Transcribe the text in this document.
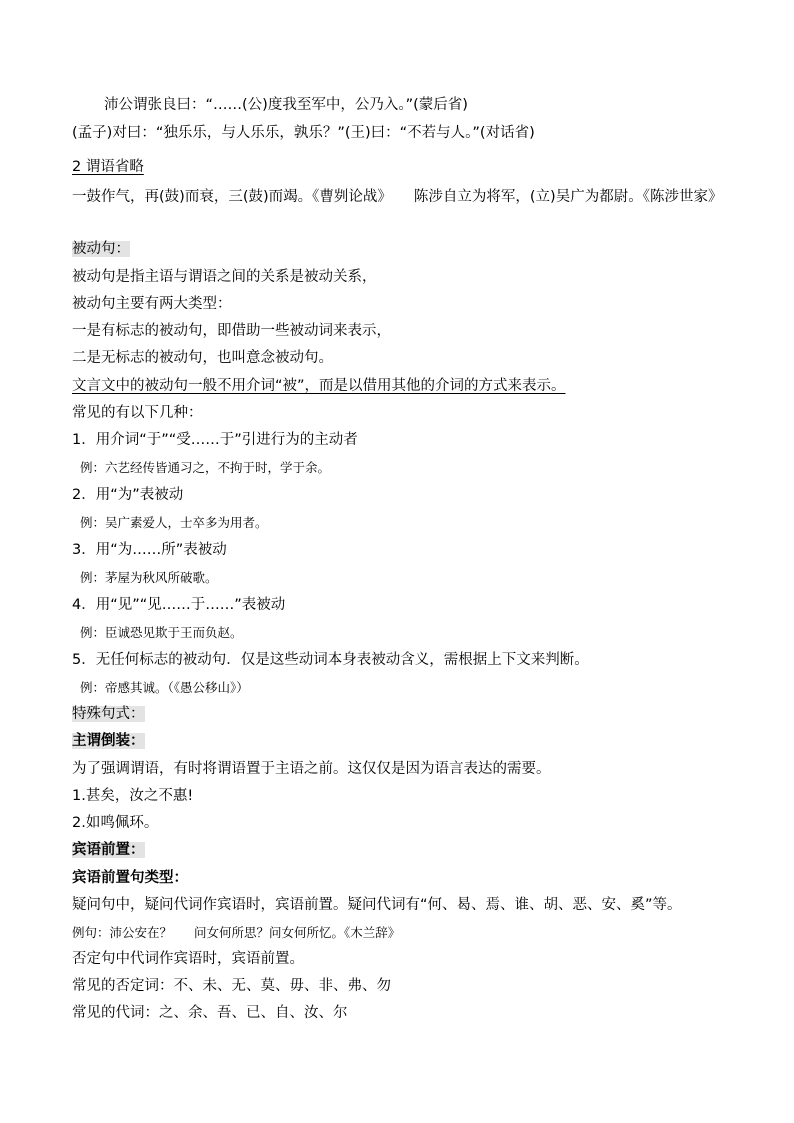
沛公谓张良曰：“……(公)度我至军中，公乃入。”(蒙后省)
(孟子)对曰：“独乐乐，与人乐乐，孰乐？”(王)曰：“不若与人。”(对话省)
2 谓语省略
一鼓作气，再(鼓)而衰，三(鼓)而竭。《曹刿论战》 陈涉自立为将军，(立)吴广为都尉。《陈涉世家》
被动句：
被动句是指主语与谓语之间的关系是被动关系，
被动句主要有两大类型：
一是有标志的被动句，即借助一些被动词来表示，
二是无标志的被动句，也叫意念被动句。
文言文中的被动句一般不用介词“被”，而是以借用其他的介词的方式来表示。
常见的有以下几种：
1．用介词“于”“受……于”引进行为的主动者
例：六艺经传皆通习之，不拘于时，学于余。
2．用“为”表被动
例：吴广素爱人，士卒多为用者。
3．用“为……所”表被动
例：茅屋为秋风所破歌。
4．用“见”“见……于……”表被动
例：臣诚恐见欺于王而负赵。
5．无任何标志的被动句．仅是这些动词本身表被动含义，需根据上下文来判断。
例：帝感其诚。（《愚公移山》）
特殊句式：
主谓倒装：
为了强调谓语，有时将谓语置于主语之前。这仅仅是因为语言表达的需要。
1.甚矣，汝之不惠!
2.如鸣佩环。
宾语前置：
宾语前置句类型：
疑问句中，疑问代词作宾语时，宾语前置。疑问代词有“何、曷、焉、谁、胡、恶、安、奚”等。
例句：沛公安在？ 问女何所思？问女何所忆。《木兰辞》
否定句中代词作宾语时，宾语前置。
常见的否定词：不、未、无、莫、毋、非、弗、勿
常见的代词：之、余、吾、已、自、汝、尔
